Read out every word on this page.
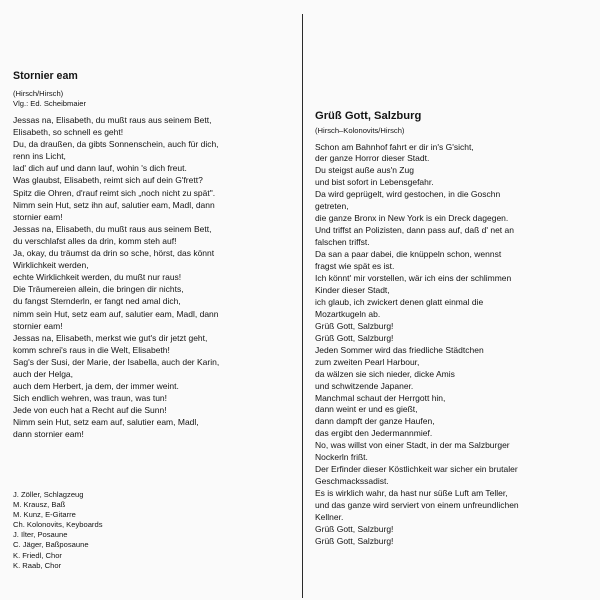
Stornier eam

(Hirsch/Hirsch)

Vlg.: Ed. Scheibmaier

Jessas na, Elisabeth, du mußt raus aus seinem Bett,

Elisabeth, so schnell es geht!

Du, da draußen, da gibts Sonnenschein, auch für dich,

renn ins Licht,

lad' dich auf und dann lauf, wohin 's dich freut.

Was glaubst, Elisabeth, reimt sich auf dein G'frett?

Spitz die Ohren, d'rauf reimt sich „noch nicht zu spät".

Nimm sein Hut, setz ihn auf, salutier eam, Madl, dann

stornier eam!

Jessas na, Elisabeth, du mußt raus aus seinem Bett,

du verschlafst alles da drin, komm steh auf!

Ja, okay, du träumst da drin so sche, hörst, das könnt

Wirklichkeit werden,

echte Wirklichkeit werden, du mußt nur raus!

Die Träumereien allein, die bringen dir nichts,

du fangst Sternderln, er fangt ned amal dich,

nimm sein Hut, setz eam auf, salutier eam, Madl, dann

stornier eam!

Jessas na, Elisabeth, merkst wie gut's dir jetzt geht,

komm schrei's raus in die Welt, Elisabeth!

Sag's der Susi, der Marie, der Isabella, auch der Karin,

auch der Helga,

auch dem Herbert, ja dem, der immer weint.

Sich endlich wehren, was traun, was tun!

Jede von euch hat a Recht auf die Sunn!

Nimm sein Hut, setz eam auf, salutier eam, Madl,

dann stornier eam!

J. Zöller, Schlagzeug

M. Krausz, Baß

M. Kunz, E-Gitarre

Ch. Kolonovits, Keyboards

J. Ilter, Posaune

C. Jäger, Baßposaune

K. Friedl, Chor

K. Raab, Chor

Grüß Gott, Salzburg

(Hirsch–Kolonovits/Hirsch)

Schon am Bahnhof fahrt er dir in's G'sicht,

der ganze Horror dieser Stadt.

Du steigst auße aus'n Zug

und bist sofort in Lebensgefahr.

Da wird geprügelt, wird gestochen, in die Goschn

getreten,

die ganze Bronx in New York is ein Dreck dagegen.

Und triffst an Polizisten, dann pass auf, daß d' net an

falschen triffst.

Da san a paar dabei, die knüppeln schon, wennst

fragst wie spät es ist.

Ich könnt' mir vorstellen, wär ich eins der schlimmen

Kinder dieser Stadt,

ich glaub, ich zwickert denen glatt einmal die

Mozartkugeln ab.

Grüß Gott, Salzburg!

Grüß Gott, Salzburg!

Jeden Sommer wird das friedliche Städtchen

zum zweiten Pearl Harbour,

da wälzen sie sich nieder, dicke Amis

und schwitzende Japaner.

Manchmal schaut der Herrgott hin,

dann weint er und es gießt,

dann dampft der ganze Haufen,

das ergibt den Jedermannmief.

No, was willst von einer Stadt, in der ma Salzburger

Nockerln frißt.

Der Erfinder dieser Köstlichkeit war sicher ein brutaler

Geschmackssadist.

Es is wirklich wahr, da hast nur süße Luft am Teller,

und das ganze wird serviert von einem unfreundlichen

Kellner.

Grüß Gott, Salzburg!

Grüß Gott, Salzburg!
